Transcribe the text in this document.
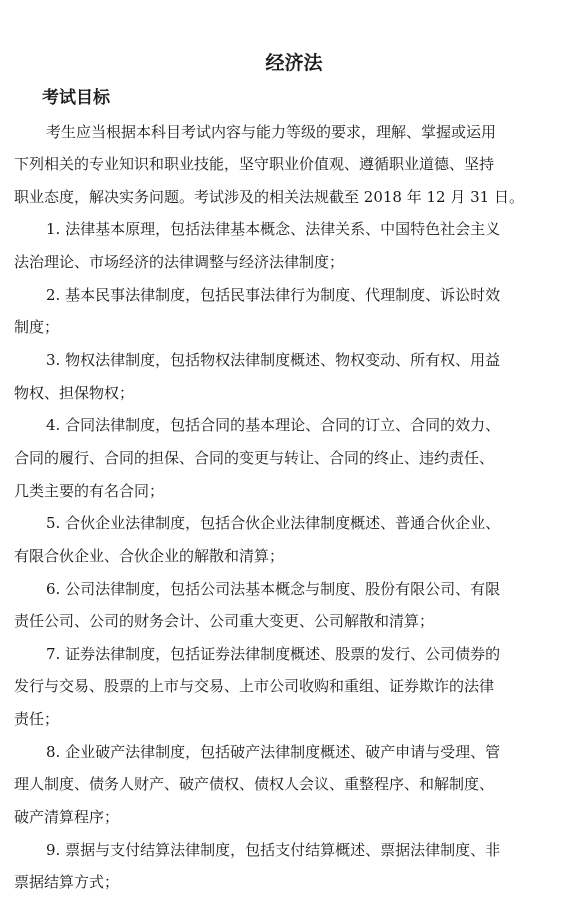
经济法
考试目标
考生应当根据本科目考试内容与能力等级的要求，理解、掌握或运用
下列相关的专业知识和职业技能，坚守职业价值观、遵循职业道德、坚持
职业态度，解决实务问题。考试涉及的相关法规截至 2018 年 12 月 31 日。
1. 法律基本原理，包括法律基本概念、法律关系、中国特色社会主义
法治理论、市场经济的法律调整与经济法律制度；
2. 基本民事法律制度，包括民事法律行为制度、代理制度、诉讼时效
制度；
3. 物权法律制度，包括物权法律制度概述、物权变动、所有权、用益
物权、担保物权；
4. 合同法律制度，包括合同的基本理论、合同的订立、合同的效力、
合同的履行、合同的担保、合同的变更与转让、合同的终止、违约责任、
几类主要的有名合同；
5. 合伙企业法律制度，包括合伙企业法律制度概述、普通合伙企业、
有限合伙企业、合伙企业的解散和清算；
6. 公司法律制度，包括公司法基本概念与制度、股份有限公司、有限
责任公司、公司的财务会计、公司重大变更、公司解散和清算；
7. 证券法律制度，包括证券法律制度概述、股票的发行、公司债券的
发行与交易、股票的上市与交易、上市公司收购和重组、证券欺诈的法律
责任；
8. 企业破产法律制度，包括破产法律制度概述、破产申请与受理、管
理人制度、债务人财产、破产债权、债权人会议、重整程序、和解制度、
破产清算程序；
9. 票据与支付结算法律制度，包括支付结算概述、票据法律制度、非
票据结算方式；
